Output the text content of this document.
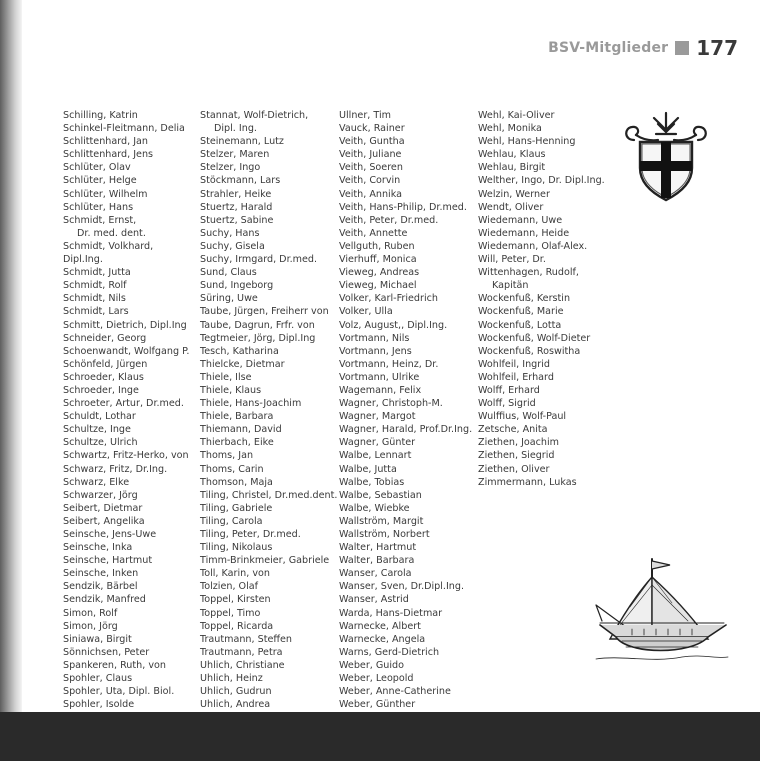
BSV-Mitglieder 177
Schilling, Katrin
Schinkel-Fleitmann, Delia
Schlittenhard, Jan
Schlittenhard, Jens
Schlüter, Olav
Schlüter, Helge
Schlüter, Wilhelm
Schlüter, Hans
Schmidt, Ernst,
Dr. med. dent.
Schmidt, Volkhard,
Dipl.Ing.
Schmidt, Jutta
Schmidt, Rolf
Schmidt, Nils
Schmidt, Lars
Schmitt, Dietrich, Dipl.Ing
Schneider, Georg
Schoenwandt, Wolfgang P.
Schönfeld, Jürgen
Schroeder, Klaus
Schroeder, Inge
Schroeter, Artur, Dr.med.
Schuldt, Lothar
Schultze, Inge
Schultze, Ulrich
Schwartz, Fritz-Herko, von
Schwarz, Fritz, Dr.Ing.
Schwarz, Elke
Schwarzer, Jörg
Seibert, Dietmar
Seibert, Angelika
Seinsche, Jens-Uwe
Seinsche, Inka
Seinsche, Hartmut
Seinsche, Inken
Sendzik, Bärbel
Sendzik, Manfred
Simon, Rolf
Simon, Jörg
Siniawa, Birgit
Sönnichsen, Peter
Spankeren, Ruth, von
Spohler, Claus
Spohler, Uta, Dipl. Biol.
Spohler, Isolde
Stannat, Wolf-Dietrich,
Dipl. Ing.
Steinemann, Lutz
Stelzer, Maren
Stelzer, Ingo
Stöckmann, Lars
Strahler, Heike
Stuertz, Harald
Stuertz, Sabine
Suchy, Hans
Suchy, Gisela
Suchy, Irmgard, Dr.med.
Sund, Claus
Sund, Ingeborg
Süring, Uwe
Taube, Jürgen, Freiherr von
Taube, Dagrun, Frfr. von
Tegtmeier, Jörg, Dipl.Ing
Tesch, Katharina
Thielcke, Dietmar
Thiele, Ilse
Thiele, Klaus
Thiele, Hans-Joachim
Thiele, Barbara
Thiemann, David
Thierbach, Eike
Thoms, Jan
Thoms, Carin
Thomson, Maja
Tiling, Christel, Dr.med.dent.
Tiling, Gabriele
Tiling, Carola
Tiling, Peter, Dr.med.
Tiling, Nikolaus
Timm-Brinkmeier, Gabriele
Toll, Karin, von
Tolzien, Olaf
Toppel, Kirsten
Toppel, Timo
Toppel, Ricarda
Trautmann, Steffen
Trautmann, Petra
Uhlich, Christiane
Uhlich, Heinz
Uhlich, Gudrun
Uhlich, Andrea
Ullner, Tim
Vauck, Rainer
Veith, Guntha
Veith, Juliane
Veith, Soeren
Veith, Corvin
Veith, Annika
Veith, Hans-Philip, Dr.med.
Veith, Peter, Dr.med.
Veith, Annette
Vellguth, Ruben
Vierhuff, Monica
Vieweg, Andreas
Vieweg, Michael
Volker, Karl-Friedrich
Volker, Ulla
Volz, August,, Dipl.Ing.
Vortmann, Nils
Vortmann, Jens
Vortmann, Heinz, Dr.
Vortmann, Ulrike
Wagemann, Felix
Wagner, Christoph-M.
Wagner, Margot
Wagner, Harald, Prof.Dr.Ing.
Wagner, Günter
Walbe, Lennart
Walbe, Jutta
Walbe, Tobias
Walbe, Sebastian
Walbe, Wiebke
Wallström, Margit
Wallström, Norbert
Walter, Hartmut
Walter, Barbara
Wanser, Carola
Wanser, Sven, Dr.Dipl.Ing.
Wanser, Astrid
Warda, Hans-Dietmar
Warnecke, Albert
Warnecke, Angela
Warns, Gerd-Dietrich
Weber, Guido
Weber, Leopold
Weber, Anne-Catherine
Weber, Günther
Wehl, Kai-Oliver
Wehl, Monika
Wehl, Hans-Henning
Wehlau, Klaus
Wehlau, Birgit
Welther, Ingo, Dr. Dipl.Ing.
Welzin, Werner
Wendt, Oliver
Wiedemann, Uwe
Wiedemann, Heide
Wiedemann, Olaf-Alex.
Will, Peter, Dr.
Wittenhagen, Rudolf,
Kapitän
Wockenfuß, Kerstin
Wockenfuß, Marie
Wockenfuß, Lotta
Wockenfuß, Wolf-Dieter
Wockenfuß, Roswitha
Wohlfeil, Ingrid
Wohlfeil, Erhard
Wolff, Erhard
Wolff, Sigrid
Wulffius, Wolf-Paul
Zetsche, Anita
Ziethen, Joachim
Ziethen, Siegrid
Ziethen, Oliver
Zimmermann, Lukas
